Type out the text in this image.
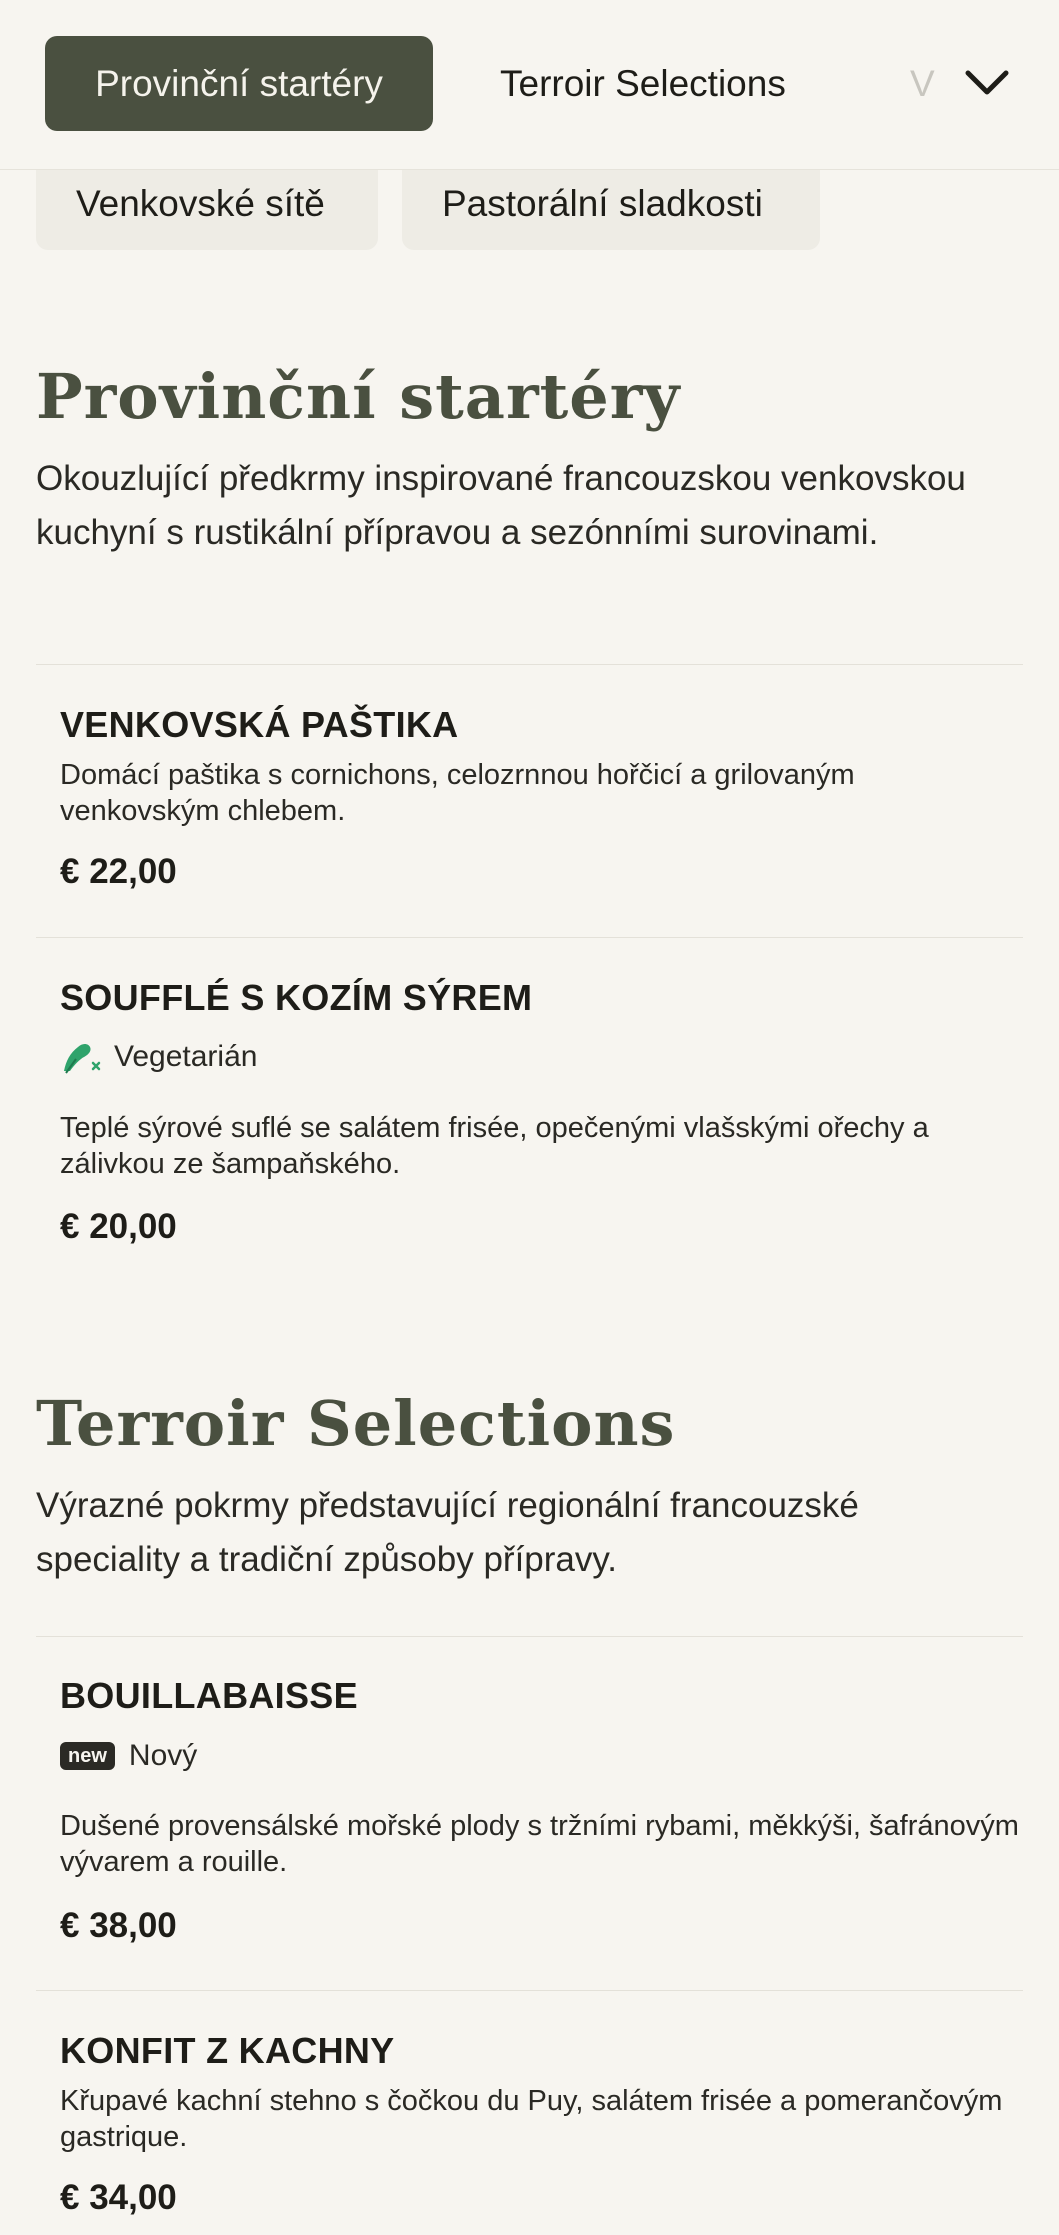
Provinční startéry	Terroir Selections	V
Venkovské sítě	Pastorální sladkosti
Provinční startéry

Okouzlující předkrmy inspirované francouzskou venkovskou kuchyní s rustikální přípravou a sezónními surovinami.

VENKOVSKÁ PAŠTIKA

Domácí paštika s cornichons, celozrnnou hořčicí a grilovaným venkovským chlebem.

€ 22,00

SOUFFLÉ S KOZÍM SÝREM
Vegetarián

Teplé sýrové suflé se salátem frisée, opečenými vlašskými ořechy a zálivkou ze šampaňského.

€ 20,00

Terroir Selections

Výrazné pokrmy představující regionální francouzské speciality a tradiční způsoby přípravy.

BOUILLABAISSE
new Nový

Dušené provensálské mořské plody s tržními rybami, měkkýši, šafránovým vývarem a rouille.

€ 38,00

KONFIT Z KACHNY

Křupavé kachní stehno s čočkou du Puy, salátem frisée a pomerančovým gastrique.

€ 34,00
